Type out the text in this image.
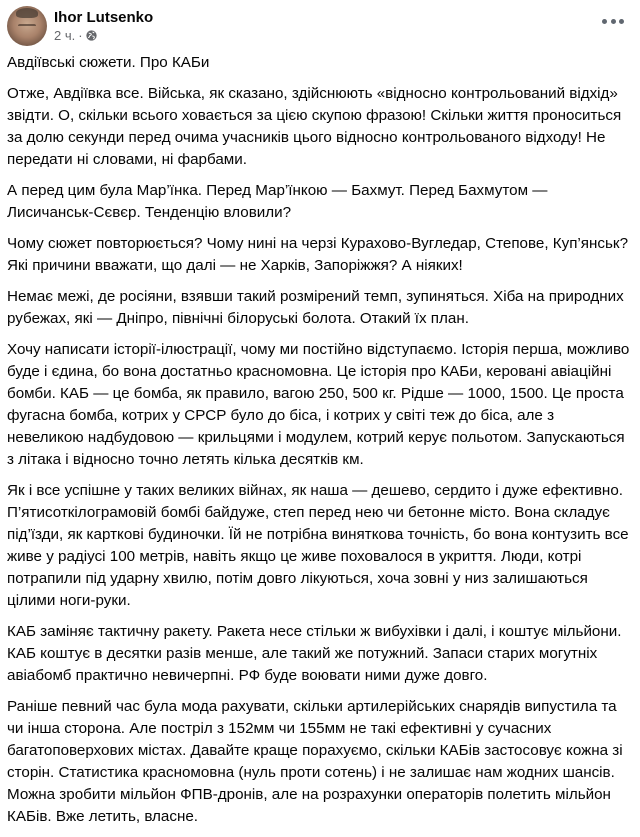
Ihor Lutsenko
2 ч. ·

Авдіївські сюжети. Про КАБи

Отже, Авдіївка все. Війська, як сказано, здійснюють «відносно контрольований відхід» звідти. О, скільки всього ховається за цією скупою фразою! Скільки життя проноситься за долю секунди перед очима учасників цього відносно контрольованого відходу! Не передати ні словами, ні фарбами.

А перед цим була Мар’їнка. Перед Мар’їнкою — Бахмут. Перед Бахмутом — Лисичанськ-Сєвєр. Тенденцію вловили?

Чому сюжет повторюється? Чому нині на черзі Курахово-Вугледар, Степове, Куп’янськ? Які причини вважати, що далі — не Харків, Запоріжжя? А ніяких!

Немає межі, де росіяни, взявши такий розмірений темп, зупиняться. Хіба на природних рубежах, які — Дніпро, північні білоруські болота. Отакий їх план.

Хочу написати історії-ілюстрації, чому ми постійно відступаємо. Історія перша, можливо буде і єдина, бо вона достатньо красномовна. Це історія про КАБи, керовані авіаційні бомби. КАБ — це бомба, як правило, вагою 250, 500 кг. Рідше — 1000, 1500. Це проста фугасна бомба, котрих у СРСР було до біса, і котрих у світі теж до біса, але з невеликою надбудовою — крильцями і модулем, котрий керує польотом. Запускаються з літака і відносно точно летять кілька десятків км.

Як і все успішне у таких великих війнах, як наша — дешево, сердито і дуже ефективно. П’ятисоткілограмовій бомбі байдуже, степ перед нею чи бетонне місто. Вона складує під’їзди, як карткові будиночки. Їй не потрібна виняткова точність, бо вона контузить все живе у радіусі 100 метрів, навіть якщо це живе поховалося в укриття. Люди, котрі потрапили під ударну хвилю, потім довго лікуються, хоча зовні у низ залишаються цілими ноги-руки.

КАБ заміняє тактичну ракету. Ракета несе стільки ж вибухівки і далі, і коштує мільйони. КАБ коштує в десятки разів менше, але такий же потужний. Запаси старих могутніх авіабомб практично невичерпні. РФ буде воювати ними дуже довго.

Раніше певний час була мода рахувати, скільки артилерійських снарядів випустила та чи інша сторона. Але постріл з 152мм чи 155мм не такі ефективні у сучасних багатоповерхових містах. Давайте краще порахуємо, скільки КАБів застосовує кожна зі сторін. Статистика красномовна (нуль проти сотень) і не залишає нам жодних шансів. Можна зробити мільйон ФПВ-дронів, але на розрахунки операторів полетить мільйон КАБів. Вже летить, власне.
